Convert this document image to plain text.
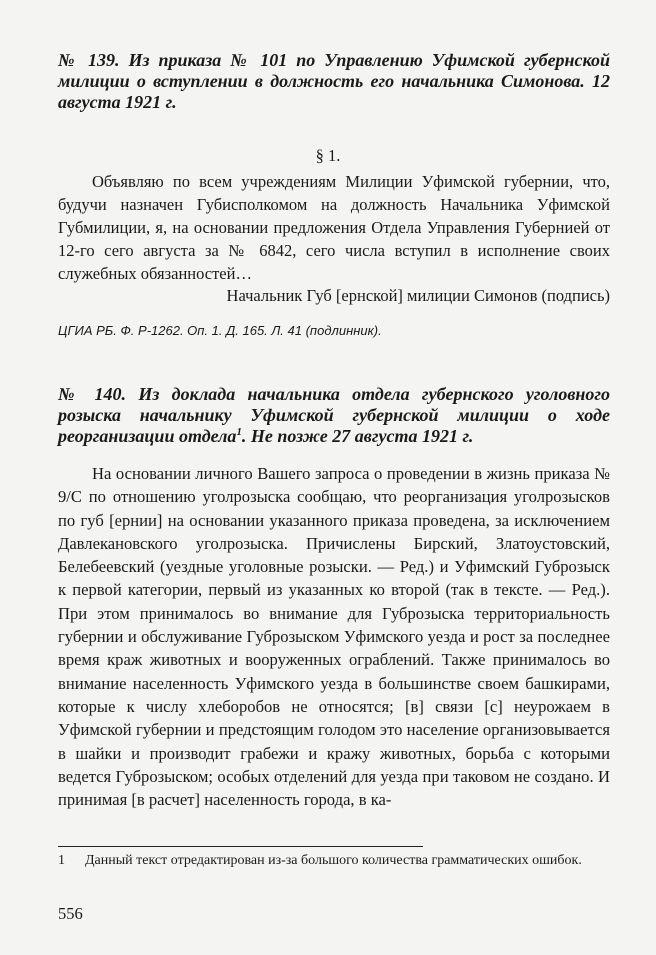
№ 139. Из приказа № 101 по Управлению Уфимской губернской милиции о вступлении в должность его начальника Симонова. 12 августа 1921 г.
§ 1.

Объявляю по всем учреждениям Милиции Уфимской губернии, что, будучи назначен Губисполкомом на должность Начальника Уфимской Губмилиции, я, на основании предложения Отдела Управления Губернией от 12-го сего августа за № 6842, сего числа вступил в исполнение своих служебных обязанностей…

Начальник Губ [ернской] милиции Симонов (подпись)
ЦГИА РБ. Ф. Р-1262. Оп. 1. Д. 165. Л. 41 (подлинник).
№ 140. Из доклада начальника отдела губернского уголовного розыска начальнику Уфимской губернской милиции о ходе реорганизации отдела$^1$. Не позже 27 августа 1921 г.

На основании личного Вашего запроса о проведении в жизнь приказа № 9/С по отношению уголрозыска сообщаю, что реорганизация уголрозысков по губ [ернии] на основании указанного приказа проведена, за исключением Давлекановского уголрозыска. Причислены Бирский, Златоустовский, Белебеевский (уездные уголовные розыски. — Ред.) и Уфимский Губрозыск к первой категории, первый из указанных ко второй (так в тексте. — Ред.). При этом принималось во внимание для Губрозыска территориальность губернии и обслуживание Губрозыском Уфимского уезда и рост за последнее время краж животных и вооруженных ограблений. Также принималось во внимание населенность Уфимского уезда в большинстве своем башкирами, которые к числу хлеборобов не относятся; [в] связи [с] неурожаем в Уфимской губернии и предстоящим голодом это население организовывается в шайки и производит грабежи и кражу животных, борьба с которыми ведется Губрозыском; особых отделений для уезда при таковом не создано. И принимая [в расчет] населенность города, в ка-

1 Данный текст отредактирован из-за большого количества грамматических ошибок.
556
